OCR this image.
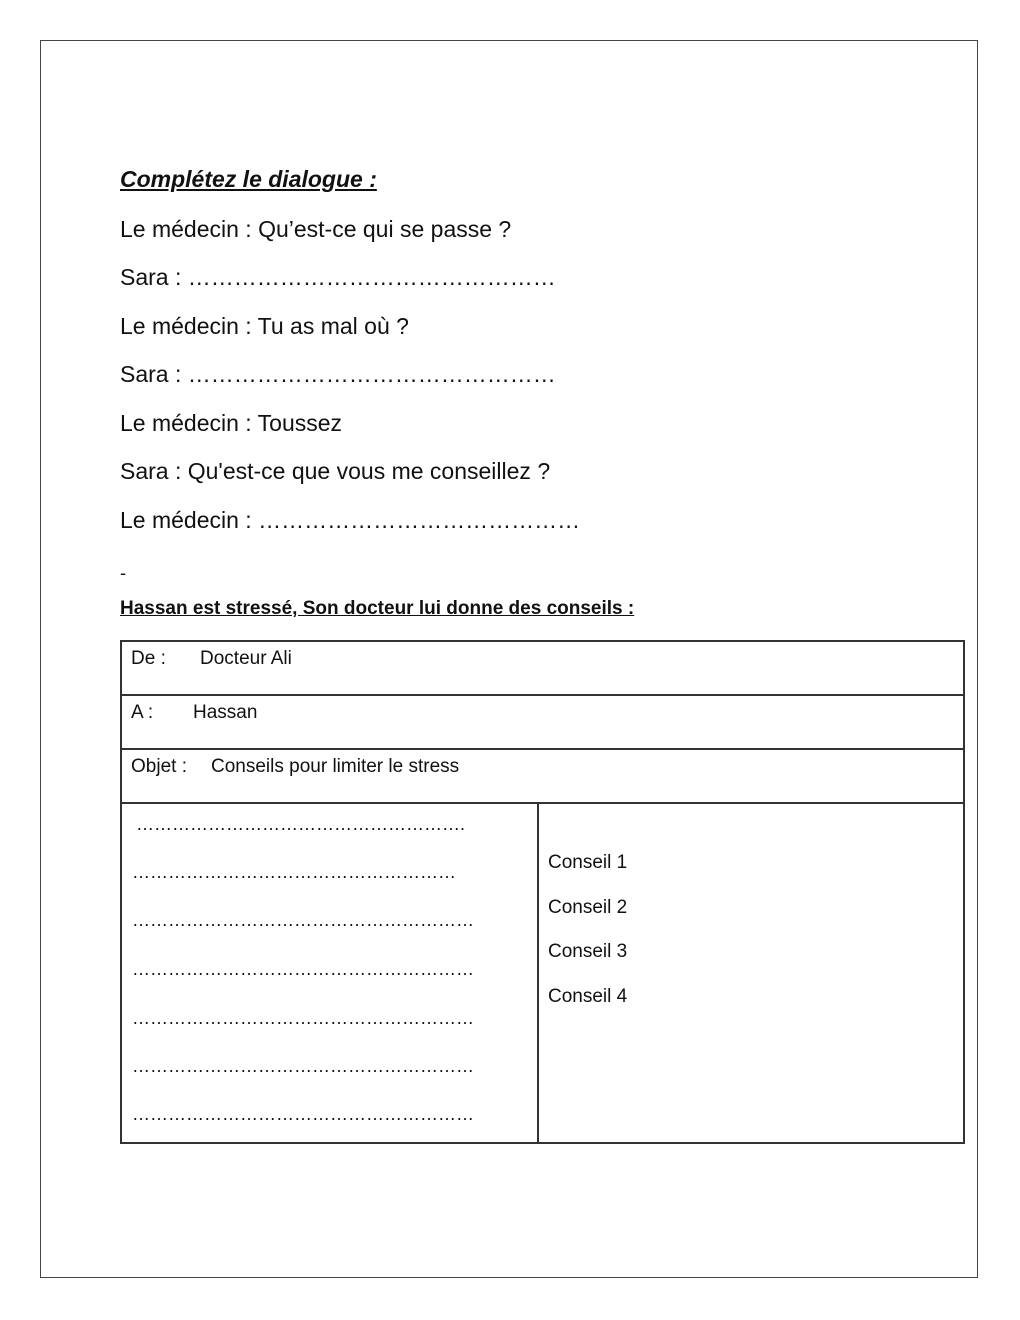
Complétez le dialogue :
Le médecin : Qu’est-ce qui se passe ?
Sara : …………………………………………
Le médecin : Tu as mal où ?
Sara : …………………………………………
Le médecin : Toussez
Sara : Qu'est-ce que vous me conseillez ?
Le médecin : ……………………………………
-
Hassan est stressé, Son docteur lui donne des conseils :
De : Docteur Ali
A : Hassan
Objet : Conseils pour limiter le stress
……………………………………………….
………………………………………………
…………………………………………………
…………………………………………………
…………………………………………………
…………………………………………………
…………………………………………………
Conseil 1
Conseil 2
Conseil 3
Conseil 4
